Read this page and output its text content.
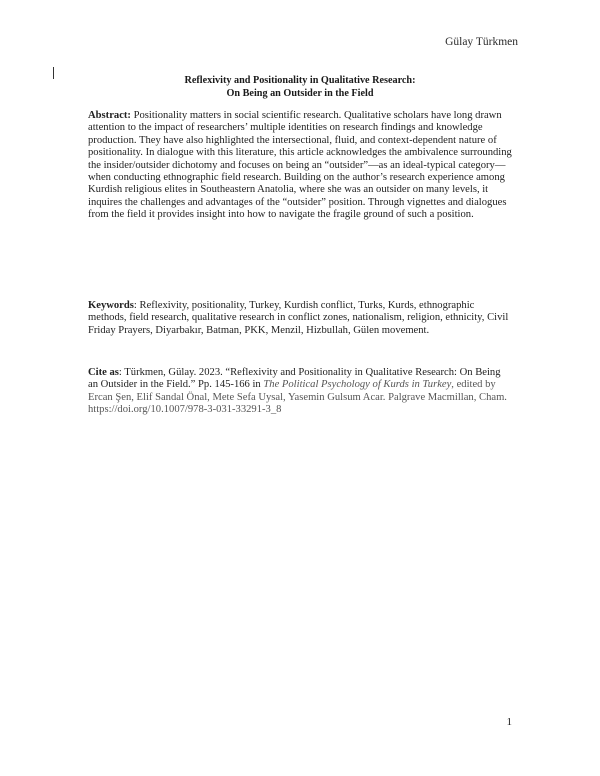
Gülay Türkmen
Reflexivity and Positionality in Qualitative Research:
On Being an Outsider in the Field
Abstract: Positionality matters in social scientific research. Qualitative scholars have long drawn attention to the impact of researchers’ multiple identities on research findings and knowledge production. They have also highlighted the intersectional, fluid, and context-dependent nature of positionality. In dialogue with this literature, this article acknowledges the ambivalence surrounding the insider/outsider dichotomy and focuses on being an “outsider”—as an ideal-typical category—when conducting ethnographic field research. Building on the author’s research experience among Kurdish religious elites in Southeastern Anatolia, where she was an outsider on many levels, it inquires the challenges and advantages of the “outsider” position. Through vignettes and dialogues from the field it provides insight into how to navigate the fragile ground of such a position.
Keywords: Reflexivity, positionality, Turkey, Kurdish conflict, Turks, Kurds, ethnographic methods, field research, qualitative research in conflict zones, nationalism, religion, ethnicity, Civil Friday Prayers, Diyarbakır, Batman, PKK, Menzil, Hizbullah, Gülen movement.
Cite as: Türkmen, Gülay. 2023. “Reflexivity and Positionality in Qualitative Research: On Being an Outsider in the Field.” Pp. 145-166 in The Political Psychology of Kurds in Turkey, edited by Ercan Şen, Elif Sandal Önal, Mete Sefa Uysal, Yasemin Gulsum Acar. Palgrave Macmillan, Cham. https://doi.org/10.1007/978-3-031-33291-3_8
1
